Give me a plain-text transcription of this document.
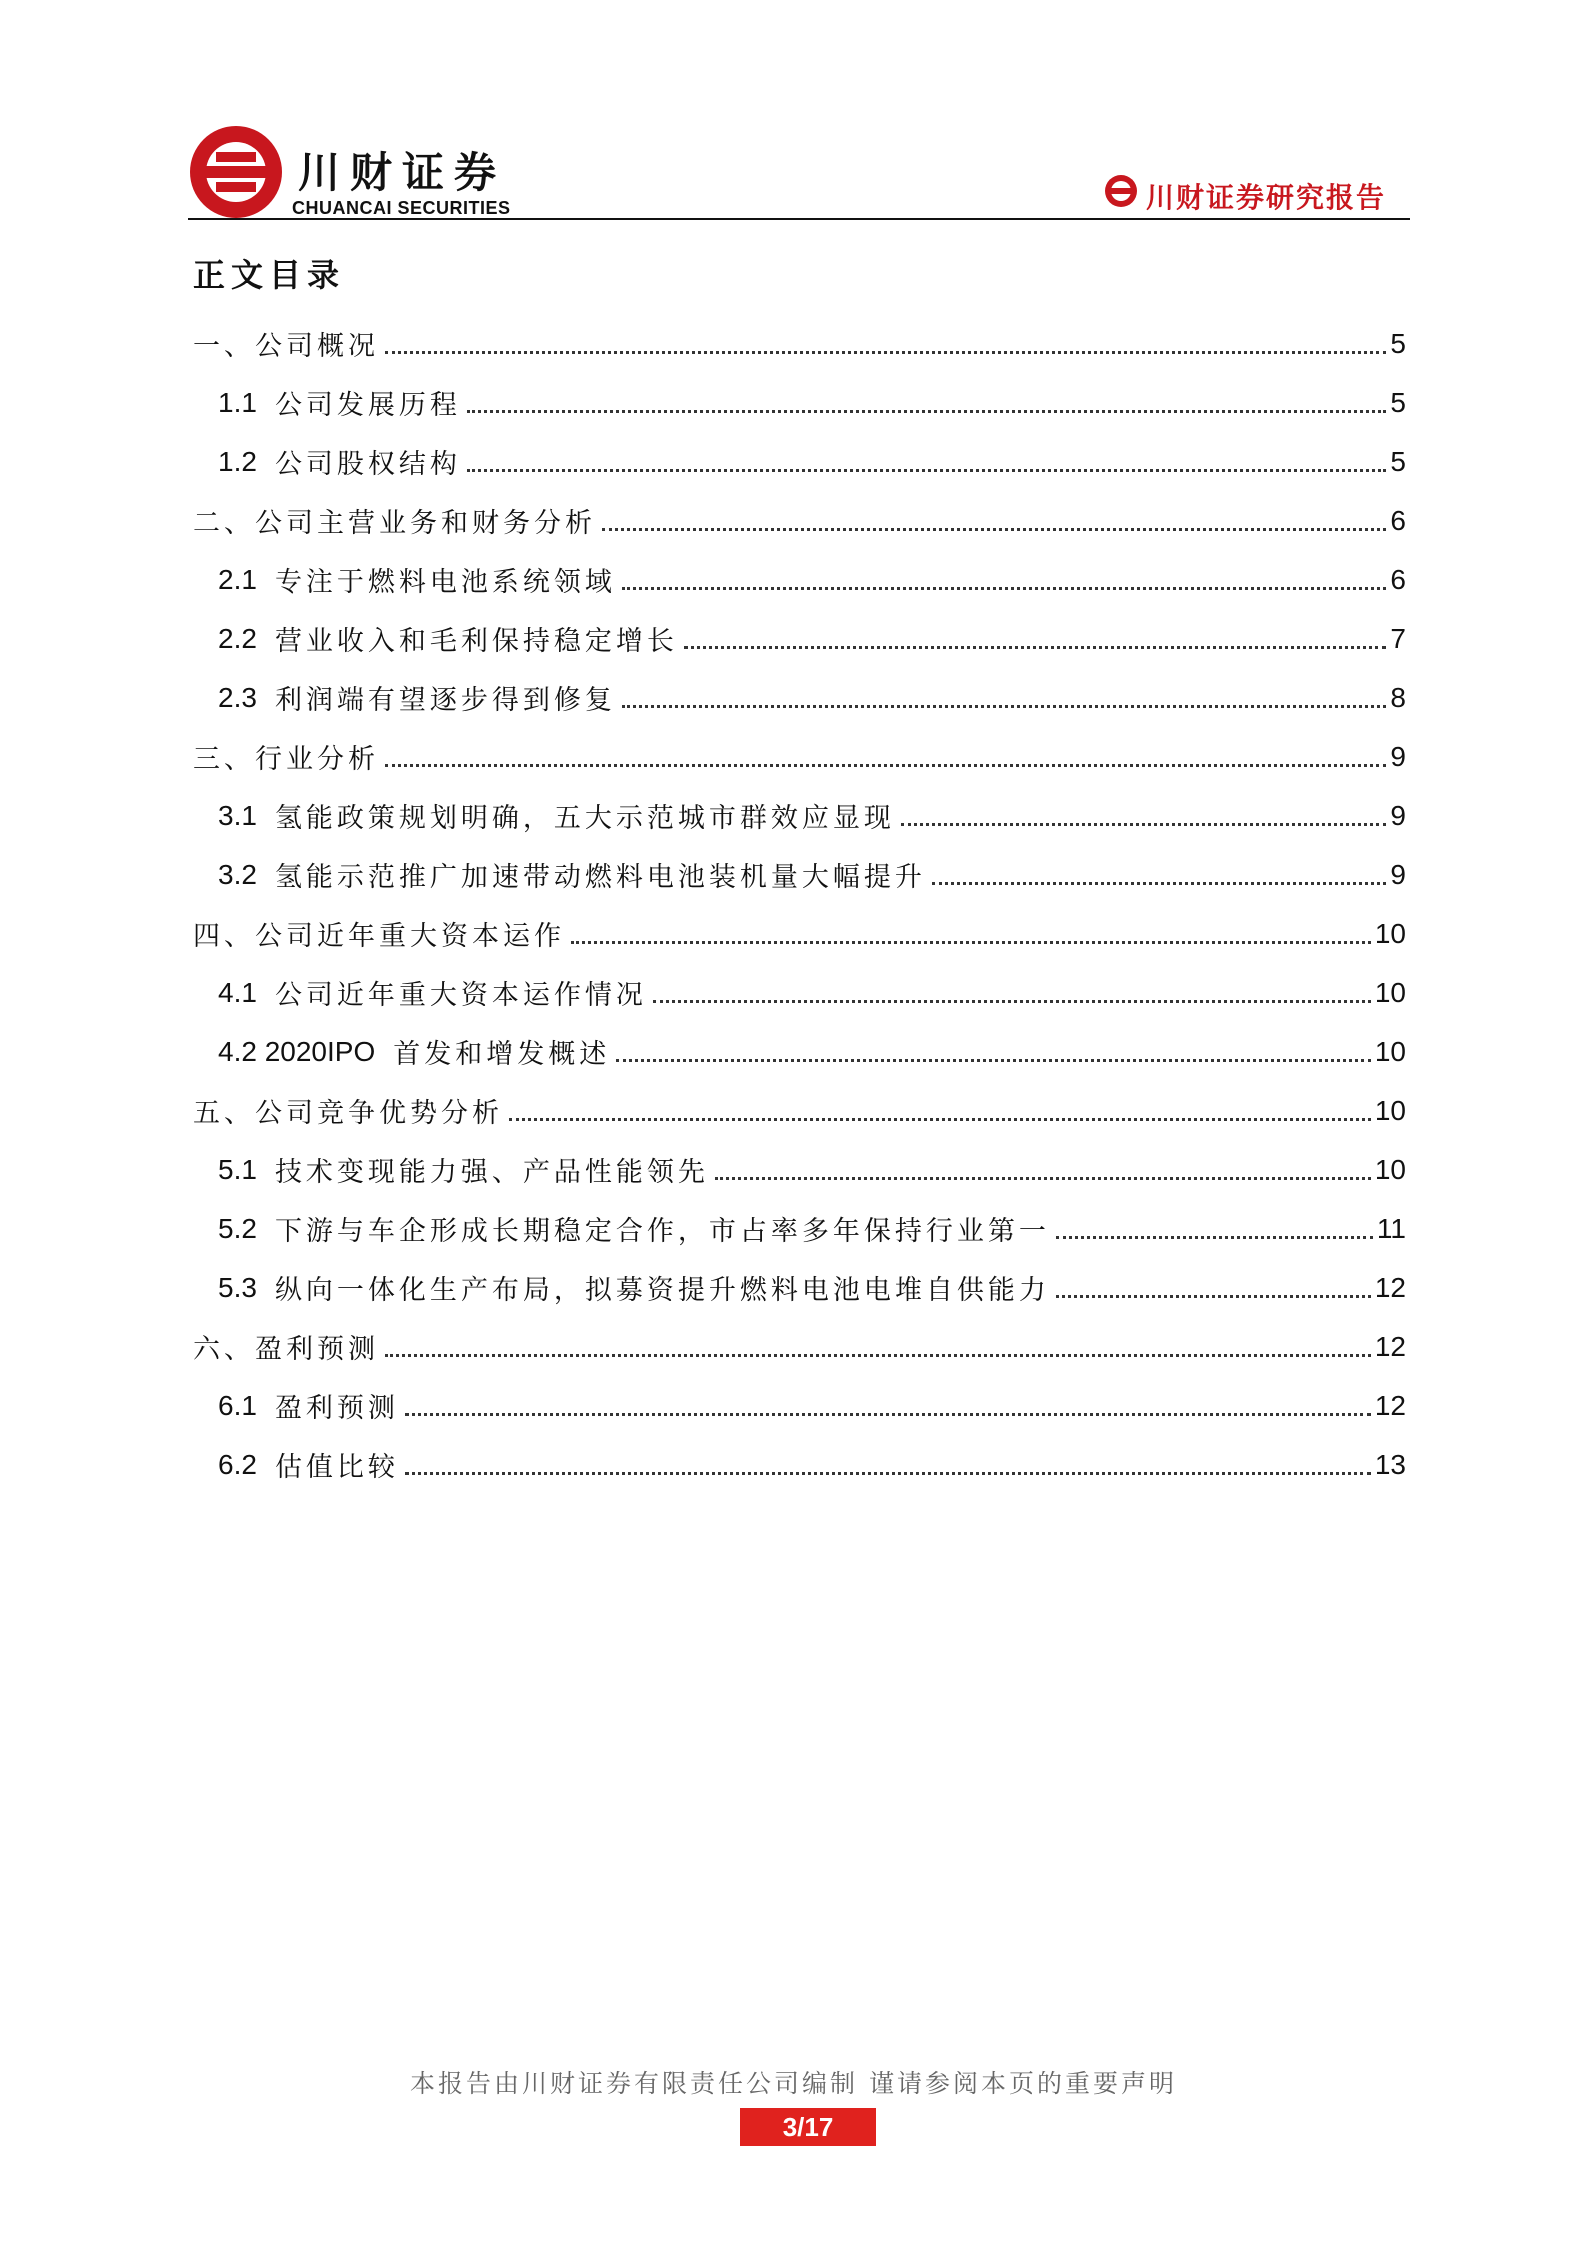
川财证券
CHUANCAI SECURITIES	川财证券研究报告
正文目录
一、公司概况	5
1.1 公司发展历程	5
1.2 公司股权结构	5
二、公司主营业务和财务分析	6
2.1 专注于燃料电池系统领域	6
2.2 营业收入和毛利保持稳定增长	7
2.3 利润端有望逐步得到修复	8
三、行业分析	9
3.1 氢能政策规划明确，五大示范城市群效应显现	9
3.2 氢能示范推广加速带动燃料电池装机量大幅提升	9
四、公司近年重大资本运作	10
4.1 公司近年重大资本运作情况	10
4.2 2020IPO 首发和增发概述	10
五、公司竞争优势分析	10
5.1 技术变现能力强、产品性能领先	10
5.2 下游与车企形成长期稳定合作，市占率多年保持行业第一	11
5.3 纵向一体化生产布局，拟募资提升燃料电池电堆自供能力	12
六、盈利预测	12
6.1 盈利预测	12
6.2 估值比较	13
本报告由川财证券有限责任公司编制 谨请参阅本页的重要声明
3/17
